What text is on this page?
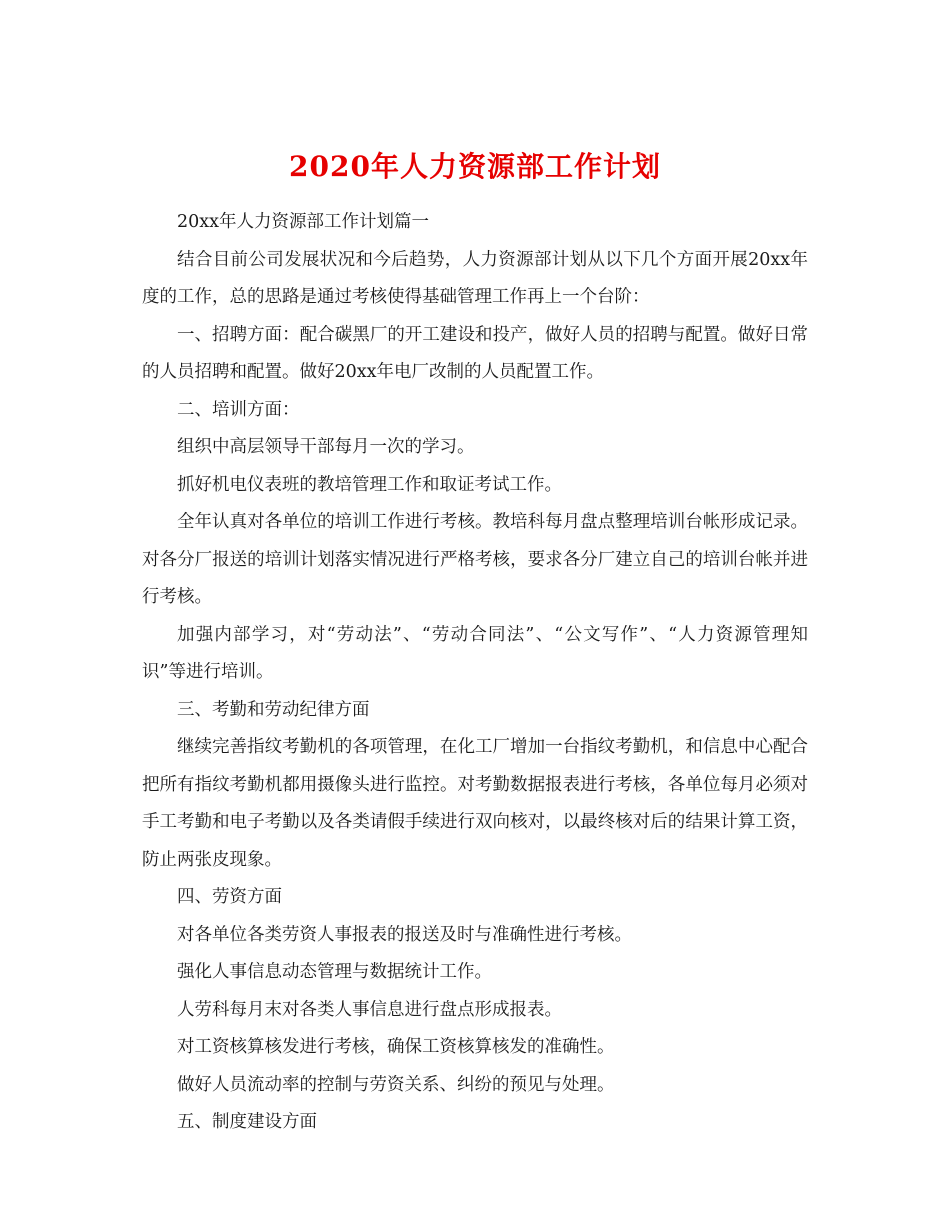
2020年人力资源部工作计划

20xx年人力资源部工作计划篇一

结合目前公司发展状况和今后趋势，人力资源部计划从以下几个方面开展20xx年度的工作，总的思路是通过考核使得基础管理工作再上一个台阶：

一、招聘方面：配合碳黑厂的开工建设和投产，做好人员的招聘与配置。做好日常的人员招聘和配置。做好20xx年电厂改制的人员配置工作。

二、培训方面：

组织中高层领导干部每月一次的学习。

抓好机电仪表班的教培管理工作和取证考试工作。

全年认真对各单位的培训工作进行考核。教培科每月盘点整理培训台帐形成记录。对各分厂报送的培训计划落实情况进行严格考核，要求各分厂建立自己的培训台帐并进行考核。

加强内部学习，对“劳动法”、“劳动合同法”、“公文写作”、“人力资源管理知识”等进行培训。

三、考勤和劳动纪律方面

继续完善指纹考勤机的各项管理，在化工厂增加一台指纹考勤机，和信息中心配合把所有指纹考勤机都用摄像头进行监控。对考勤数据报表进行考核，各单位每月必须对手工考勤和电子考勤以及各类请假手续进行双向核对，以最终核对后的结果计算工资，防止两张皮现象。

四、劳资方面

对各单位各类劳资人事报表的报送及时与准确性进行考核。

强化人事信息动态管理与数据统计工作。

人劳科每月末对各类人事信息进行盘点形成报表。

对工资核算核发进行考核，确保工资核算核发的准确性。

做好人员流动率的控制与劳资关系、纠纷的预见与处理。

五、制度建设方面
